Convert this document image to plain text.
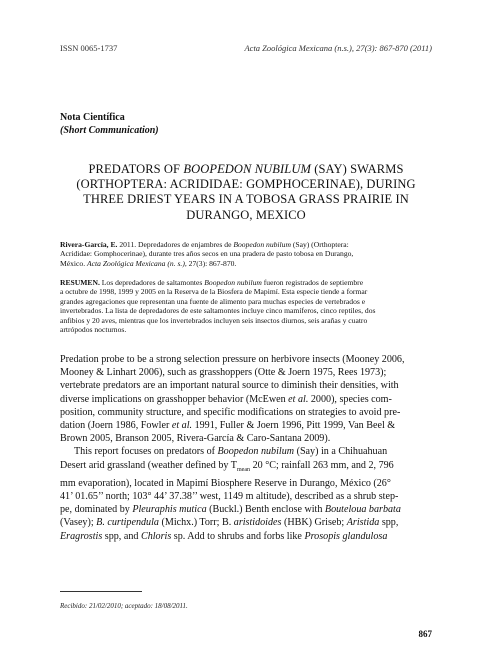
ISSN 0065-1737	Acta Zoológica Mexicana (n.s.), 27(3): 867-870 (2011)
Nota Científica
(Short Communication)
PREDATORS OF BOOPEDON NUBILUM (SAY) SWARMS
(ORTHOPTERA: ACRIDIDAE: GOMPHOCERINAE), DURING
THREE DRIEST YEARS IN A TOBOSA GRASS PRAIRIE IN
DURANGO, MEXICO
Rivera-García, E. 2011. Depredadores de enjambres de Boopedon nubilum (Say) (Orthoptera:
Acrididae: Gomphocerinae), durante tres años secos en una pradera de pasto tobosa en Durango,
México. Acta Zoológica Mexicana (n. s.), 27(3): 867-870.
RESUMEN. Los depredadores de saltamontes Boopedon nubilum fueron registrados de septiembre
a octubre de 1998, 1999 y 2005 en la Reserva de la Biosfera de Mapimí. Esta especie tiende a formar
grandes agregaciones que representan una fuente de alimento para muchas especies de vertebrados e
invertebrados. La lista de depredadores de este saltamontes incluye cinco mamíferos, cinco reptiles, dos
anfibios y 20 aves, mientras que los invertebrados incluyen seis insectos diurnos, seis arañas y cuatro
artrópodos nocturnos.
Predation probe to be a strong selection pressure on herbivore insects (Mooney 2006,
Mooney & Linhart 2006), such as grasshoppers (Otte & Joern 1975, Rees 1973);
vertebrate predators are an important natural source to diminish their densities, with
diverse implications on grasshopper behavior (McEwen et al. 2000), species com-
position, community structure, and specific modifications on strategies to avoid pre-
dation (Joern 1986, Fowler et al. 1991, Fuller & Joern 1996, Pitt 1999, Van Beel &
Brown 2005, Branson 2005, Rivera-García & Caro-Santana 2009).
This report focuses on predators of Boopedon nubilum (Say) in a Chihuahuan
Desert arid grassland (weather defined by $T_{mean}$ 20 °C; rainfall 263 mm, and 2, 796
mm evaporation), located in Mapimí Biosphere Reserve in Durango, México (26°
41’ 01.65’’ north; 103° 44’ 37.38’’ west, 1149 m altitude), described as a shrub step-
pe, dominated by Pleuraphis mutica (Buckl.) Benth enclose with Bouteloua barbata
(Vasey); B. curtipendula (Michx.) Torr; B. aristidoides (HBK) Griseb; Aristida spp,
Eragrostis spp, and Chloris sp. Add to shrubs and forbs like Prosopis glandulosa
Recibido: 21/02/2010; aceptado: 18/08/2011.
867
